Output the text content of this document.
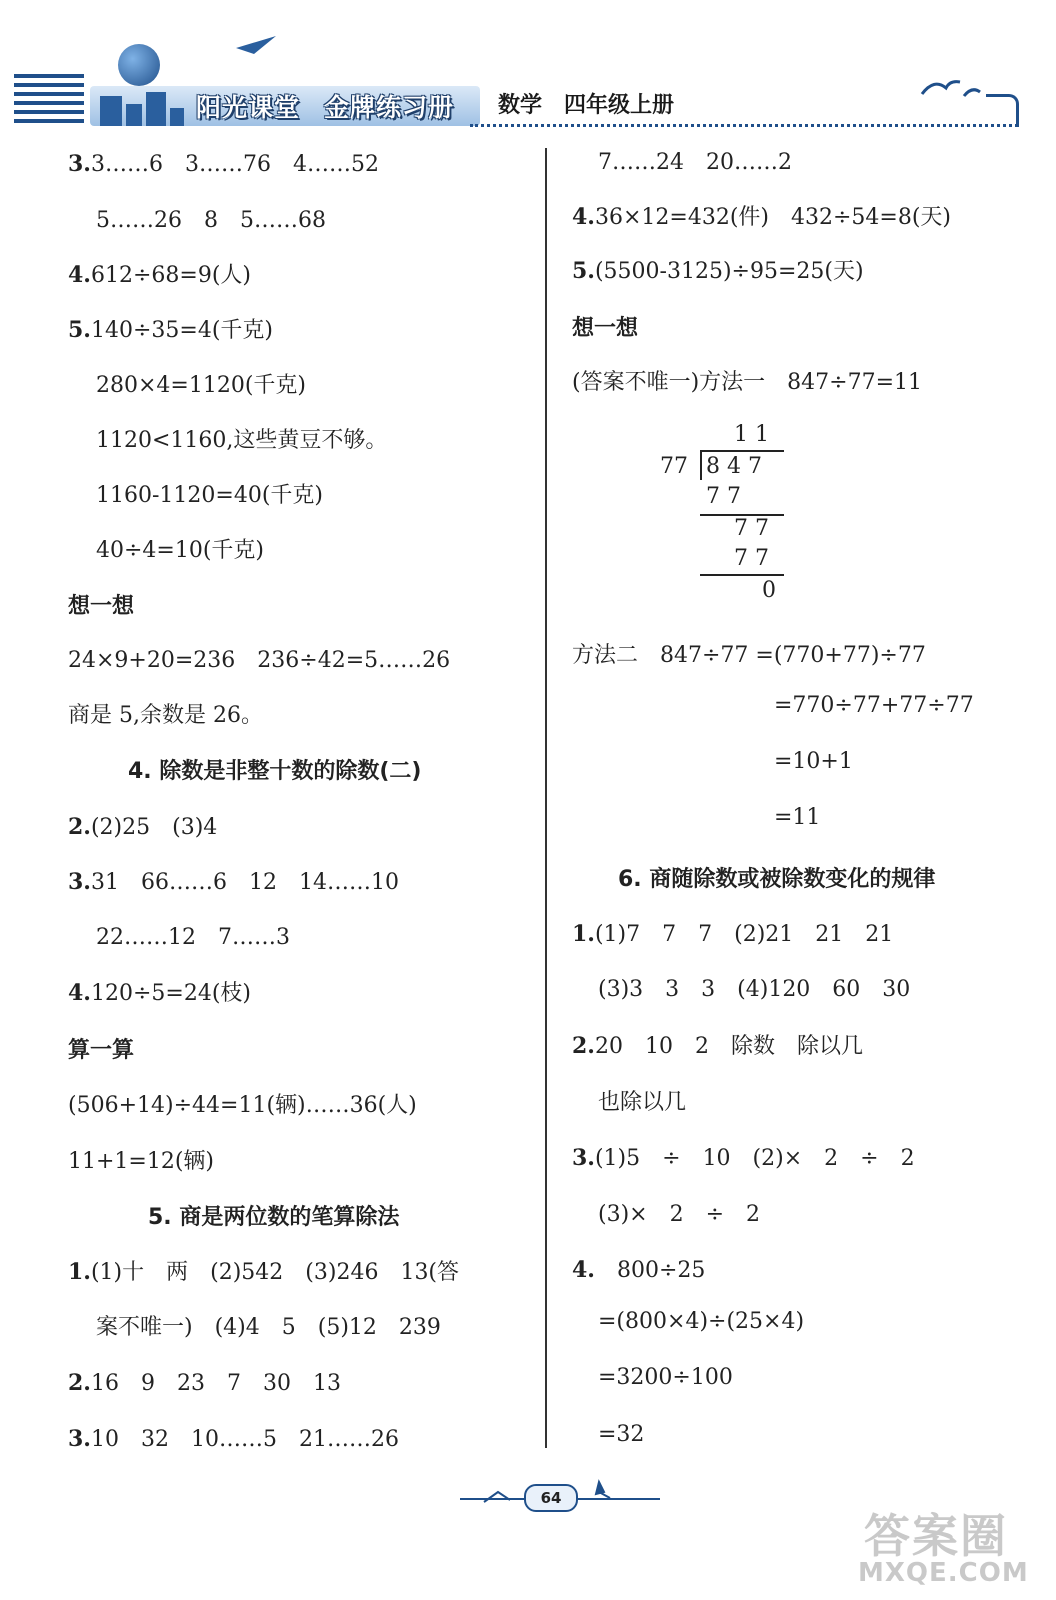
阳光课堂 金牌练习册	数学 四年级上册
3.3……6　3……76　4……52
5……26　8　5……68
4.612÷68=9(人)
5.140÷35=4(千克)
280×4=1120(千克)
1120<1160,这些黄豆不够。
1160-1120=40(千克)
40÷4=10(千克)
想一想
24×9+20=236　236÷42=5……26
商是 5,余数是 26。
4. 除数是非整十数的除数(二)
2.(2)25　(3)4
3.31　66……6　12　14……10
22……12　7……3
4.120÷5=24(枝)
算一算
(506+14)÷44=11(辆)……36(人)
11+1=12(辆)
5. 商是两位数的笔算除法
1.(1)十　两　(2)542　(3)246　13(答
案不唯一)　(4)4　5　(5)12　239
2.16　9　23　7　30　13
3.10　32　10……5　21……26
7……24　20……2
4.36×12=432(件)　432÷54=8(天)
5.(5500-3125)÷95=25(天)
想一想
(答案不唯一)方法一　847÷77=11
方法二　847÷77 =(770+77)÷77
=770÷77+77÷77
=10+1
=11
6. 商随除数或被除数变化的规律
1.(1)7　7　7　(2)21　21　21
(3)3　3　3　(4)120　60　30
2.20　10　2　除数　除以几
也除以几
3.(1)5　÷　10　(2)×　2　÷　2
(3)×　2　÷　2
4.　800÷25
=(800×4)÷(25×4)
=3200÷100
=32
1 1
77 8 4 7
7 7
7 7
7 7
0
64
答案圈
MXQE.COM
